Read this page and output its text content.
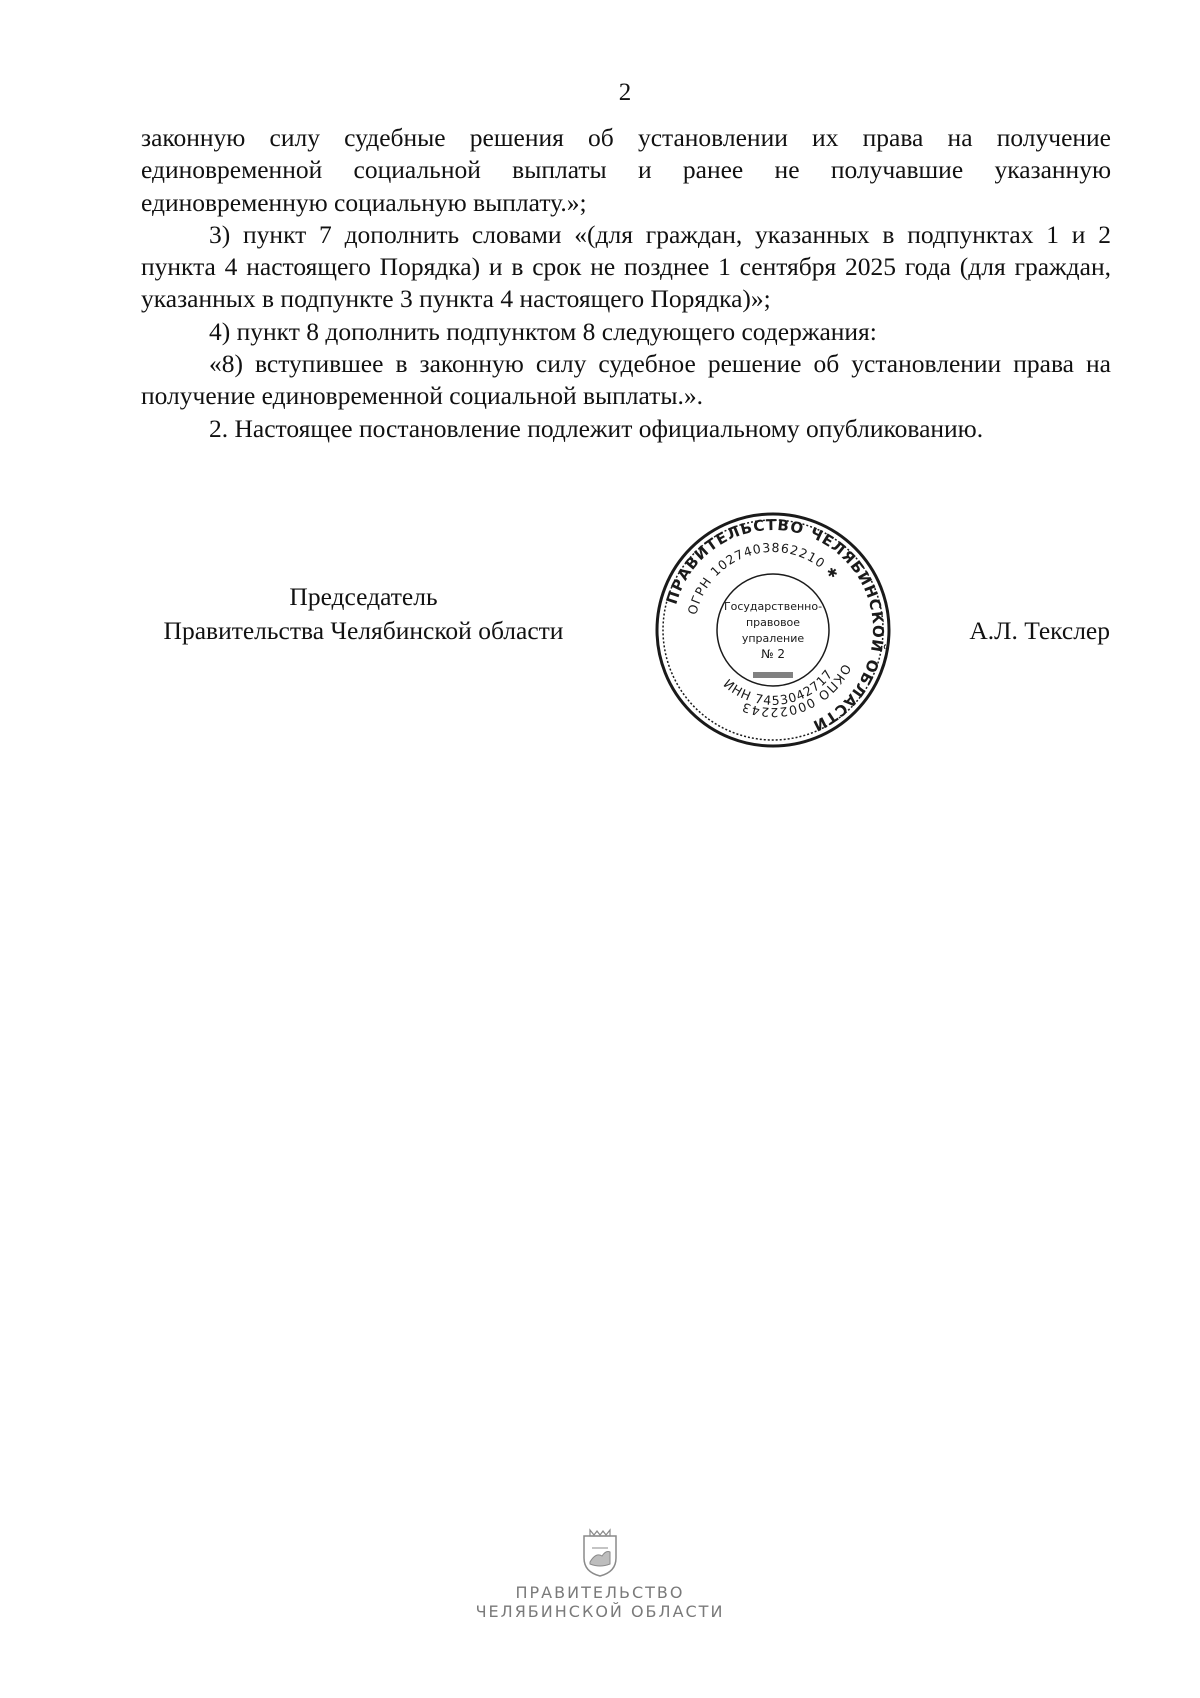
2

законную силу судебные решения об установлении их права на получение единовременной социальной выплаты и ранее не получавшие указанную единовременную социальную выплату.»;

3) пункт 7 дополнить словами «(для граждан, указанных в подпунктах 1 и 2 пункта 4 настоящего Порядка) и в срок не позднее 1 сентября 2025 года (для граждан, указанных в подпункте 3 пункта 4 настоящего Порядка)»;

4) пункт 8 дополнить подпунктом 8 следующего содержания:

«8) вступившее в законную силу судебное решение об установлении права на получение единовременной социальной выплаты.».

2. Настоящее постановление подлежит официальному опубликованию.

Председатель
Правительства Челябинской области	А.Л. Текслер
ПРАВИТЕЛЬСТВО ЧЕЛЯБИНСКОЙ ОБЛАСТИ
ОГРН 1027403862210 ✱
ОКПО 00022243
ИНН 7453042717
Государственно-
правовое
упраление
№ 2
ПРАВИТЕЛЬСТВО
ЧЕЛЯБИНСКОЙ ОБЛАСТИ
